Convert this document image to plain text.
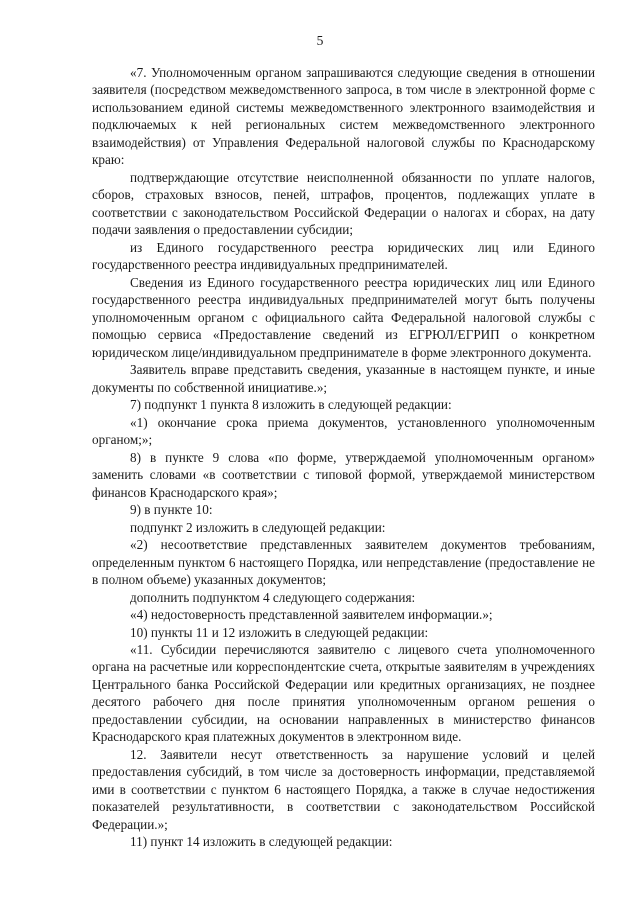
5

«7. Уполномоченным органом запрашиваются следующие сведения в отношении заявителя (посредством межведомственного запроса, в том числе в электронной форме с использованием единой системы межведомственного электронного взаимодействия и подключаемых к ней региональных систем межведомственного электронного взаимодействия) от Управления Федеральной налоговой службы по Краснодарскому краю:

подтверждающие отсутствие неисполненной обязанности по уплате налогов, сборов, страховых взносов, пеней, штрафов, процентов, подлежащих уплате в соответствии с законодательством Российской Федерации о налогах и сборах, на дату подачи заявления о предоставлении субсидии;

из Единого государственного реестра юридических лиц или Единого государственного реестра индивидуальных предпринимателей.

Сведения из Единого государственного реестра юридических лиц или Единого государственного реестра индивидуальных предпринимателей могут быть получены уполномоченным органом с официального сайта Федеральной налоговой службы с помощью сервиса «Предоставление сведений из ЕГРЮЛ/ЕГРИП о конкретном юридическом лице/индивидуальном предпринимателе в форме электронного документа.

Заявитель вправе представить сведения, указанные в настоящем пункте, и иные документы по собственной инициативе.»;

7) подпункт 1 пункта 8 изложить в следующей редакции:

«1) окончание срока приема документов, установленного уполномоченным органом;»;

8) в пункте 9 слова «по форме, утверждаемой уполномоченным органом» заменить словами «в соответствии с типовой формой, утверждаемой министерством финансов Краснодарского края»;

9) в пункте 10:

подпункт 2 изложить в следующей редакции:

«2) несоответствие представленных заявителем документов требованиям, определенным пунктом 6 настоящего Порядка, или непредставление (предоставление не в полном объеме) указанных документов;

дополнить подпунктом 4 следующего содержания:

«4) недостоверность представленной заявителем информации.»;

10) пункты 11 и 12 изложить в следующей редакции:

«11. Субсидии перечисляются заявителю с лицевого счета уполномоченного органа на расчетные или корреспондентские счета, открытые заявителям в учреждениях Центрального банка Российской Федерации или кредитных организациях, не позднее десятого рабочего дня после принятия уполномоченным органом решения о предоставлении субсидии, на основании направленных в министерство финансов Краснодарского края платежных документов в электронном виде.

12. Заявители несут ответственность за нарушение условий и целей предоставления субсидий, в том числе за достоверность информации, представляемой ими в соответствии с пунктом 6 настоящего Порядка, а также в случае недостижения показателей результативности, в соответствии с законодательством Российской Федерации.»;

11) пункт 14 изложить в следующей редакции:
